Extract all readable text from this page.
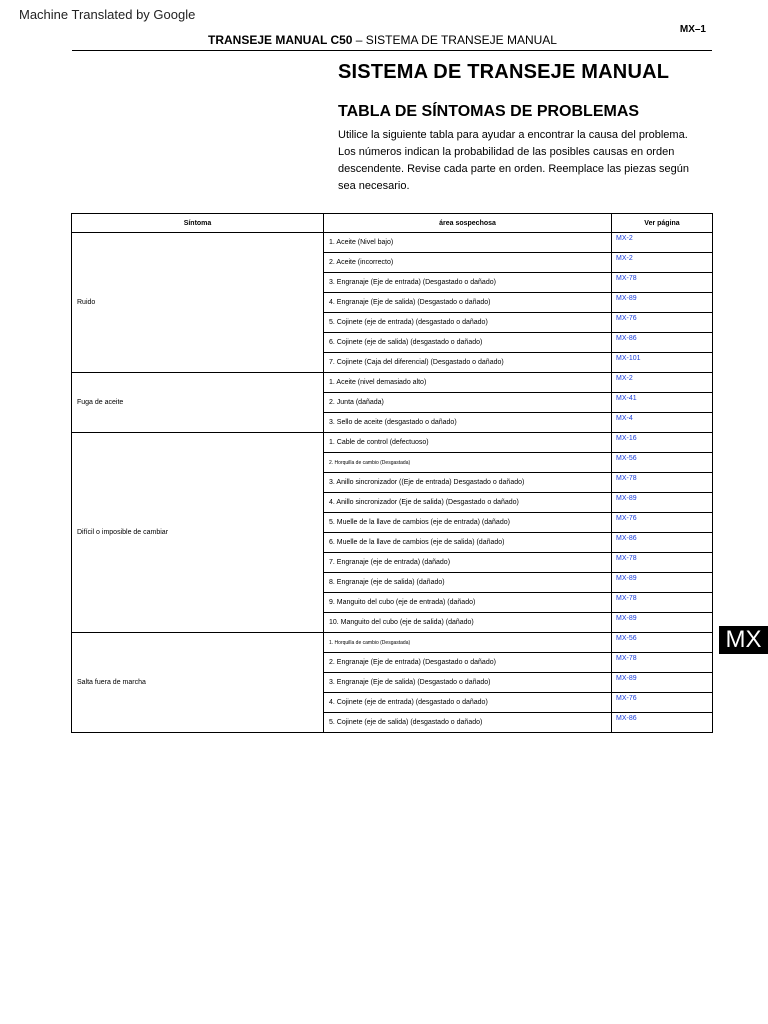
Machine Translated by Google
MX–1
TRANSEJE MANUAL C50 – SISTEMA DE TRANSEJE MANUAL
SISTEMA DE TRANSEJE MANUAL
TABLA DE SÍNTOMAS DE PROBLEMAS
Utilice la siguiente tabla para ayudar a encontrar la causa del problema. Los números indican la probabilidad de las posibles causas en orden descendente. Revise cada parte en orden. Reemplace las piezas según sea necesario.
Síntoma	área sospechosa	Ver página
Ruido	1. Aceite (Nivel bajo)	MX-2
	2. Aceite (incorrecto)	MX-2
	3. Engranaje (Eje de entrada) (Desgastado o dañado)	MX-78
	4. Engranaje (Eje de salida) (Desgastado o dañado)	MX-89
	5. Cojinete (eje de entrada) (desgastado o dañado)	MX-76
	6. Cojinete (eje de salida) (desgastado o dañado)	MX-86
	7. Cojinete (Caja del diferencial) (Desgastado o dañado)	MX-101
Fuga de aceite	1. Aceite (nivel demasiado alto)	MX-2
	2. Junta (dañada)	MX-41
	3. Sello de aceite (desgastado o dañado)	MX-4
Difícil o imposible de cambiar	1. Cable de control (defectuoso)	MX-16
	2. Horquilla de cambio (Desgastada)	MX-56
	3. Anillo sincronizador ((Eje de entrada) Desgastado o dañado)	MX-78
	4. Anillo sincronizador (Eje de salida) (Desgastado o dañado)	MX-89
	5. Muelle de la llave de cambios (eje de entrada) (dañado)	MX-76
	6. Muelle de la llave de cambios (eje de salida) (dañado)	MX-86
	7. Engranaje (eje de entrada) (dañado)	MX-78
	8. Engranaje (eje de salida) (dañado)	MX-89
	9. Manguito del cubo (eje de entrada) (dañado)	MX-78
	10. Manguito del cubo (eje de salida) (dañado)	MX-89
Salta fuera de marcha	1. Horquilla de cambio (Desgastada)	MX-56
	2. Engranaje (Eje de entrada) (Desgastado o dañado)	MX-78
	3. Engranaje (Eje de salida) (Desgastado o dañado)	MX-89
	4. Cojinete (eje de entrada) (desgastado o dañado)	MX-76
	5. Cojinete (eje de salida) (desgastado o dañado)	MX-86
MX
